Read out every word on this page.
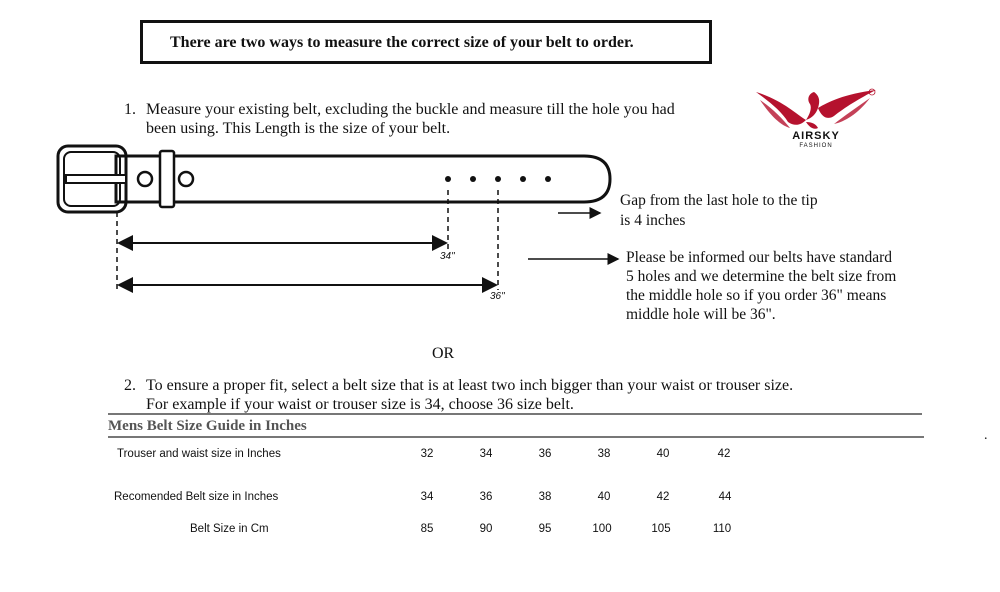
There are two ways to measure the correct size of your belt to order.
1. Measure your existing belt, excluding the buckle and measure till the hole you had
been using. This Length is the size of your belt.	AIRSKY
FASHION
34"
36"
Gap from the last hole to the tip
is 4 inches
Please be informed our belts have standard
5 holes and we determine the belt size from
the middle hole so if you order 36" means
middle hole will be 36".
OR
2. To ensure a proper fit, select a belt size that is at least two inch bigger than your waist or trouser size.
For example if your waist or trouser size is 34, choose 36 size belt.
Mens Belt Size Guide in Inches
Trouser and waist size in Inches	32	34	36	38	40	42
Recomended Belt size in Inches	34	36	38	40	42	44
Belt Size in Cm	85	90	95	100	105	110
.
